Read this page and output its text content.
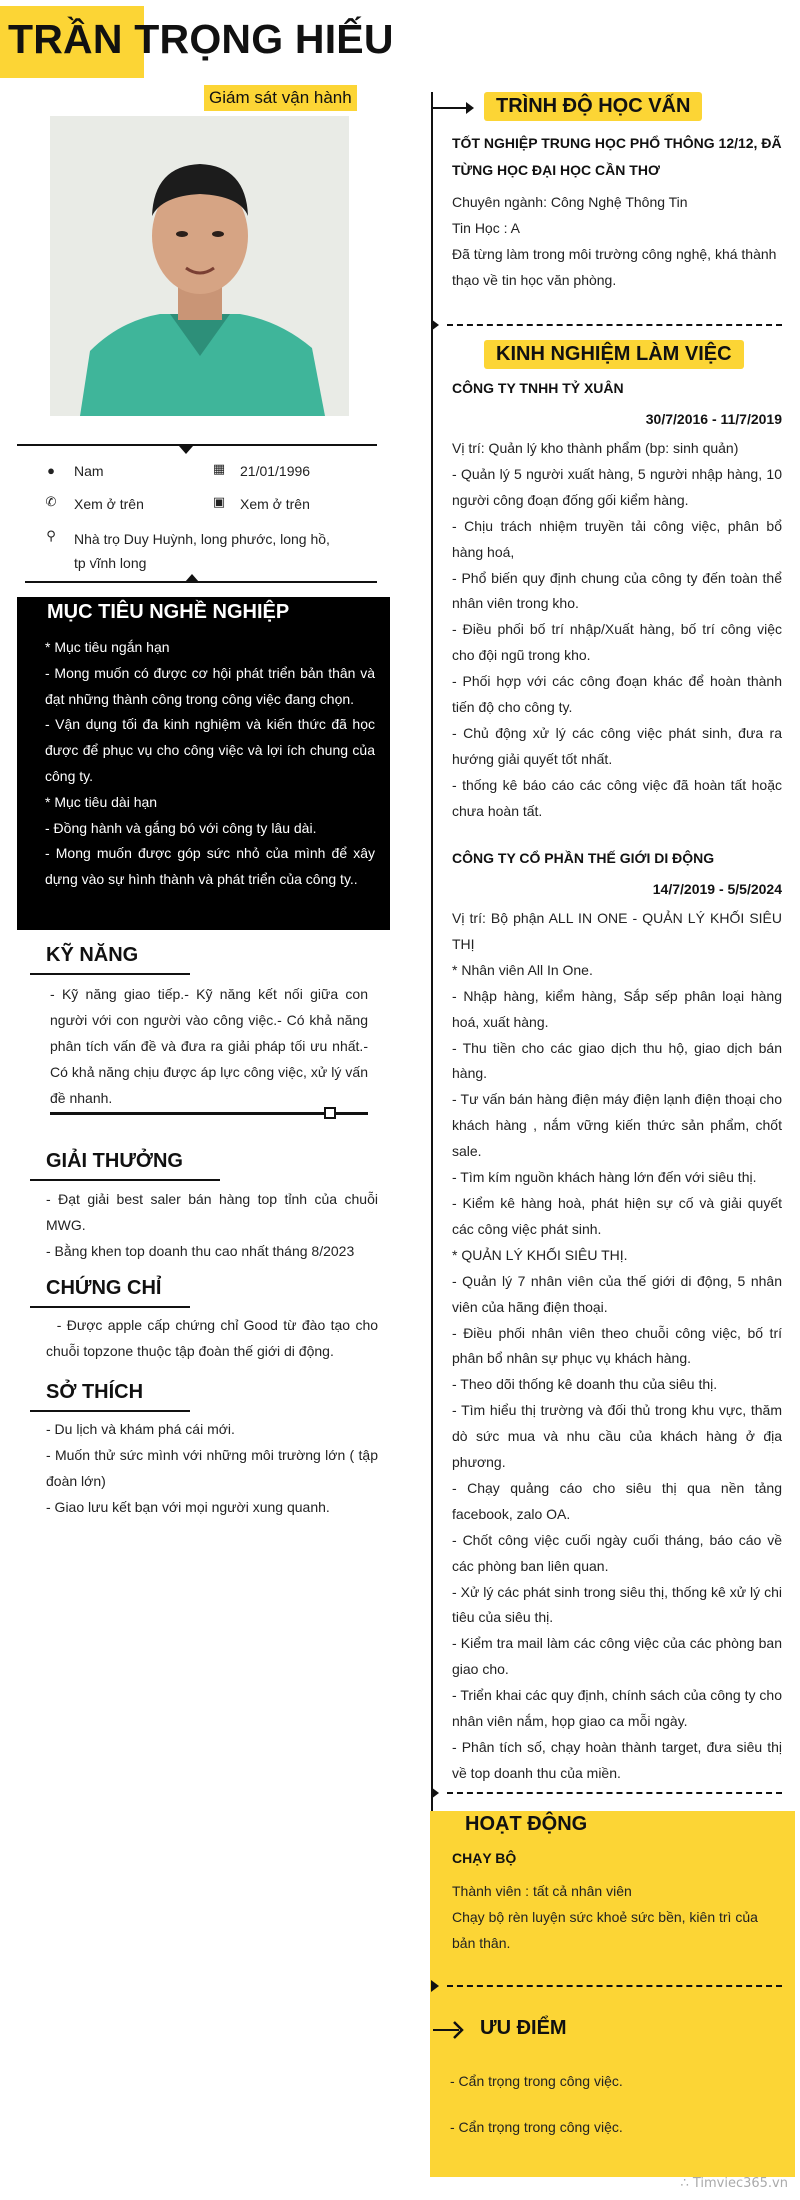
TRẦN TRỌNG HIẾU
Giám sát vận hành
● Nam	▦ 21/01/1996
✆ Xem ở trên	▣ Xem ở trên
⚲ Nhà trọ Duy Huỳnh, long phước, long hồ, tp vĩnh long
MỤC TIÊU NGHỀ NGHIỆP
* Mục tiêu ngắn hạn
- Mong muốn có được cơ hội phát triển bản thân và đạt những thành công trong công việc đang chọn.
- Vận dụng tối đa kinh nghiệm và kiến thức đã học được để phục vụ cho công việc và lợi ích chung của công ty.
* Mục tiêu dài hạn
- Đồng hành và gắng bó với công ty lâu dài.
- Mong muốn được góp sức nhỏ của mình để xây dựng vào sự hình thành và phát triển của công ty..
KỸ NĂNG
- Kỹ năng giao tiếp.- Kỹ năng kết nối giữa con người với con người vào công việc.- Có khả năng phân tích vấn đề và đưa ra giải pháp tối ưu nhất.- Có khả năng chịu được áp lực công việc, xử lý vấn đề nhanh.
GIẢI THƯỞNG
- Đạt giải best saler bán hàng top tỉnh của chuỗi MWG.
- Bằng khen top doanh thu cao nhất tháng 8/2023
CHỨNG CHỈ
- Được apple cấp chứng chỉ Good từ đào tạo cho chuỗi topzone thuộc tập đoàn thế giới di động.
SỞ THÍCH
- Du lịch và khám phá cái mới.
- Muốn thử sức mình với những môi trường lớn ( tập đoàn lớn)
- Giao lưu kết bạn với mọi người xung quanh.
TRÌNH ĐỘ HỌC VẤN
TỐT NGHIỆP TRUNG HỌC PHỔ THÔNG 12/12, ĐÃ TỪNG HỌC ĐẠI HỌC CẦN THƠ
Chuyên ngành: Công Nghệ Thông Tin
Tin Học : A
Đã từng làm trong môi trường công nghệ, khá thành thạo về tin học văn phòng.
KINH NGHIỆM LÀM VIỆC
CÔNG TY TNHH TỶ XUÂN
30/7/2016 - 11/7/2019
Vị trí: Quản lý kho thành phẩm (bp: sinh quản)
- Quản lý 5 người xuất hàng, 5 người nhập hàng, 10 người công đoạn đống gối kiểm hàng.
- Chịu trách nhiệm truyền tải công việc, phân bổ hàng hoá,
- Phổ biến quy định chung của công ty đến toàn thể nhân viên trong kho.
- Điều phối bố trí nhập/Xuất hàng, bố trí công việc cho đội ngũ trong kho.
- Phối hợp với các công đoạn khác để hoàn thành tiến độ cho công ty.
- Chủ động xử lý các công việc phát sinh, đưa ra hướng giải quyết tốt nhất.
- thống kê báo cáo các công việc đã hoàn tất hoặc chưa hoàn tất.
CÔNG TY CỔ PHẦN THẾ GIỚI DI ĐỘNG
14/7/2019 - 5/5/2024
Vị trí: Bộ phận ALL IN ONE - QUẢN LÝ KHỐI SIÊU THỊ
* Nhân viên All In One.
- Nhập hàng, kiểm hàng, Sắp sếp phân loại hàng hoá, xuất hàng.
- Thu tiền cho các giao dịch thu hộ, giao dịch bán hàng.
- Tư vấn bán hàng điện máy điện lạnh điện thoại cho khách hàng , nắm vững kiến thức sản phẩm, chốt sale.
- Tìm kím nguồn khách hàng lớn đến với siêu thị.
- Kiểm kê hàng hoà, phát hiện sự cố và giải quyết các công việc phát sinh.
* QUẢN LÝ KHỐI SIÊU THỊ.
- Quản lý 7 nhân viên của thế giới di động, 5 nhân viên của hãng điện thoại.
- Điều phối nhân viên theo chuỗi công việc, bố trí phân bổ nhân sự phục vụ khách hàng.
- Theo dõi thống kê doanh thu của siêu thị.
- Tìm hiểu thị trường và đối thủ trong khu vực, thăm dò sức mua và nhu cầu của khách hàng ở địa phương.
- Chạy quảng cáo cho siêu thị qua nền tảng facebook, zalo OA.
- Chốt công việc cuối ngày cuối tháng, báo cáo về các phòng ban liên quan.
- Xử lý các phát sinh trong siêu thị, thống kê xử lý chi tiêu của siêu thị.
- Kiểm tra mail làm các công việc của các phòng ban giao cho.
- Triển khai các quy định, chính sách của công ty cho nhân viên nắm, họp giao ca mỗi ngày.
- Phân tích số, chạy hoàn thành target, đưa siêu thị về top doanh thu của miền.
HOẠT ĐỘNG
CHẠY BỘ
Thành viên : tất cả nhân viên
Chạy bộ rèn luyện sức khoẻ sức bền, kiên trì của bản thân.
ƯU ĐIỂM
- Cẩn trọng trong công việc.
- Cẩn trọng trong công việc.
∴ Timviec365.vn
